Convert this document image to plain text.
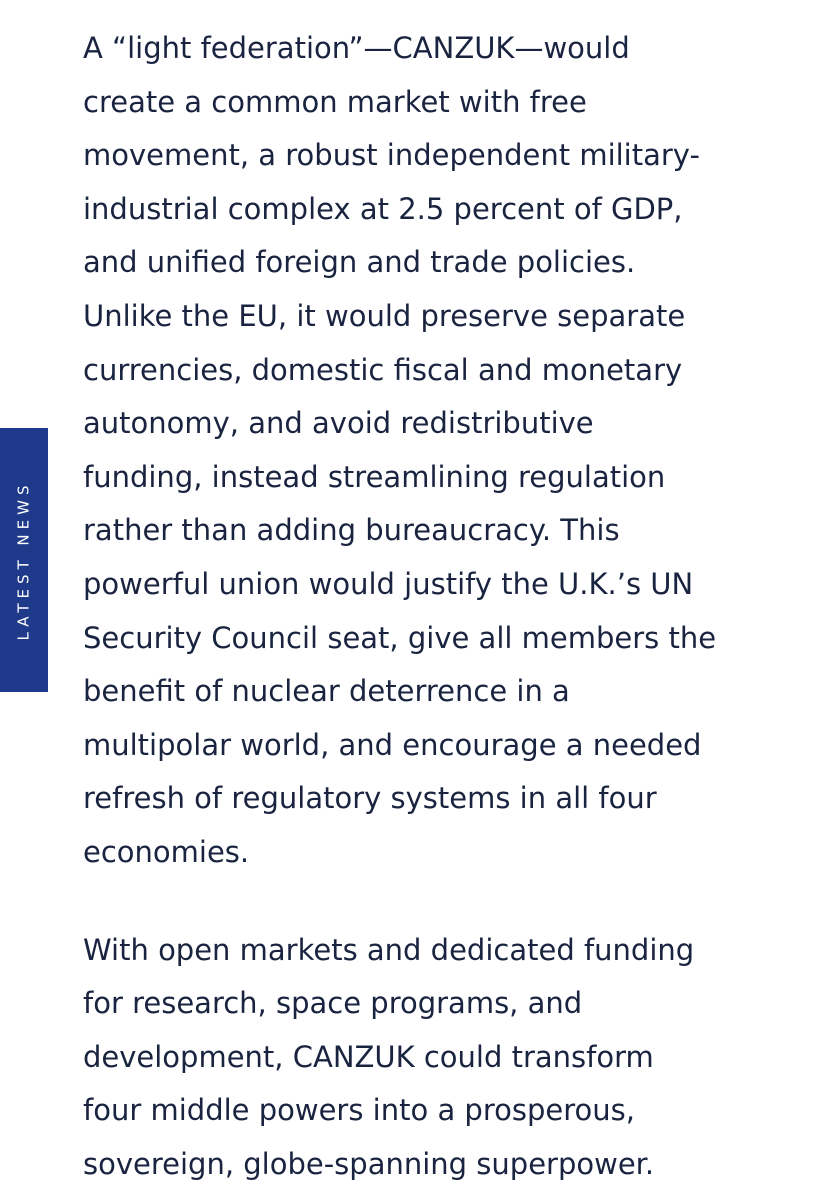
LATEST NEWS

A “light federation”—CANZUK—would
create a common market with free
movement, a robust independent military-
industrial complex at 2.5 percent of GDP,
and unified foreign and trade policies.
Unlike the EU, it would preserve separate
currencies, domestic fiscal and monetary
autonomy, and avoid redistributive
funding, instead streamlining regulation
rather than adding bureaucracy. This
powerful union would justify the U.K.’s UN
Security Council seat, give all members the
benefit of nuclear deterrence in a
multipolar world, and encourage a needed
refresh of regulatory systems in all four
economies.

With open markets and dedicated funding
for research, space programs, and
development, CANZUK could transform
four middle powers into a prosperous,
sovereign, globe-spanning superpower.
